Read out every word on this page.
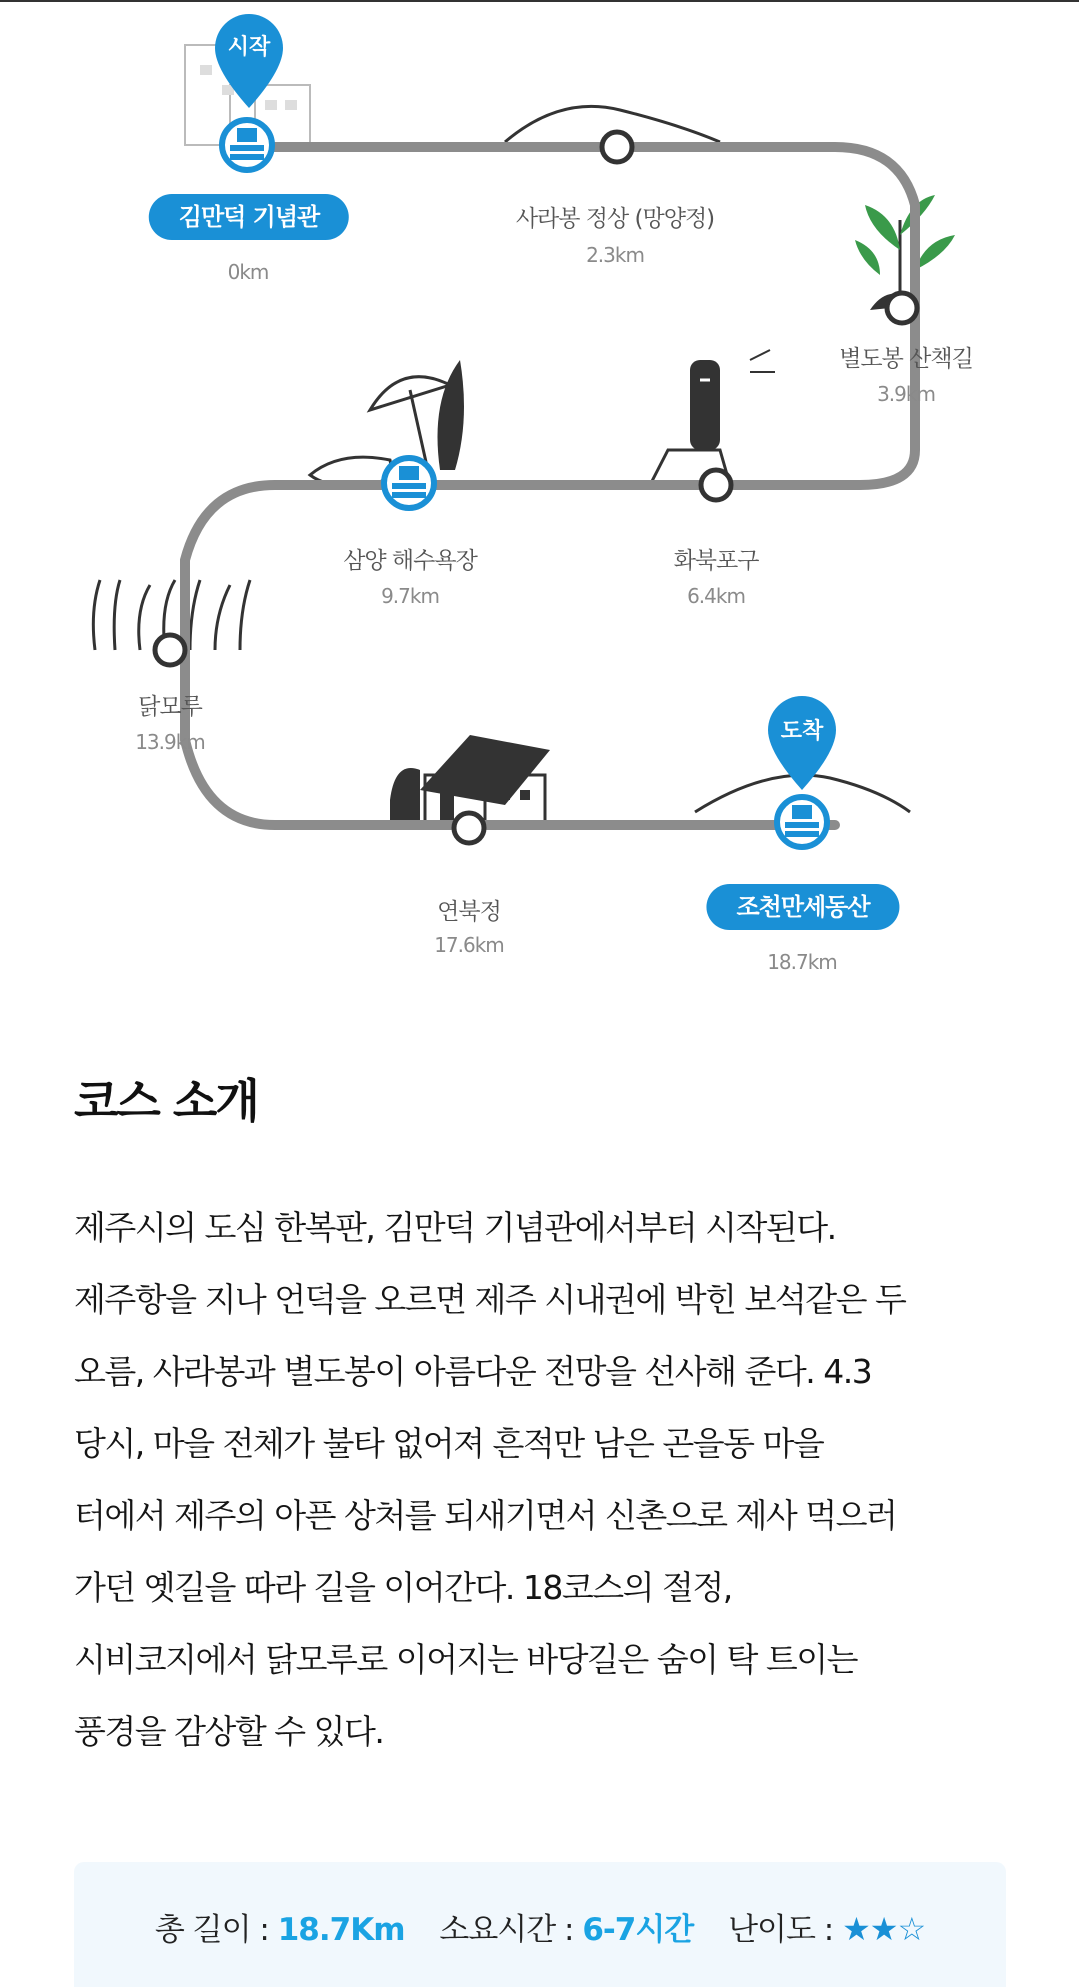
시작
도착
김만덕 기념관
0km
사라봉 정상 (망양정)
2.3km
별도봉 산책길
3.9km
화북포구
6.4km
삼양 해수욕장
9.7km
닭모루
13.9km
연북정
17.6km
조천만세동산
18.7km
코스 소개
제주시의 도심 한복판, 김만덕 기념관에서부터 시작된다.
제주항을 지나 언덕을 오르면 제주 시내권에 박힌 보석같은 두
오름, 사라봉과 별도봉이 아름다운 전망을 선사해 준다. 4.3
당시, 마을 전체가 불타 없어져 흔적만 남은 곤을동 마을
터에서 제주의 아픈 상처를 되새기면서 신촌으로 제사 먹으러
가던 옛길을 따라 길을 이어간다. 18코스의 절정,
시비코지에서 닭모루로 이어지는 바당길은 숨이 탁 트이는
풍경을 감상할 수 있다.
총 길이 : 18.7Km 소요시간 : 6-7시간 난이도 : ★★☆
